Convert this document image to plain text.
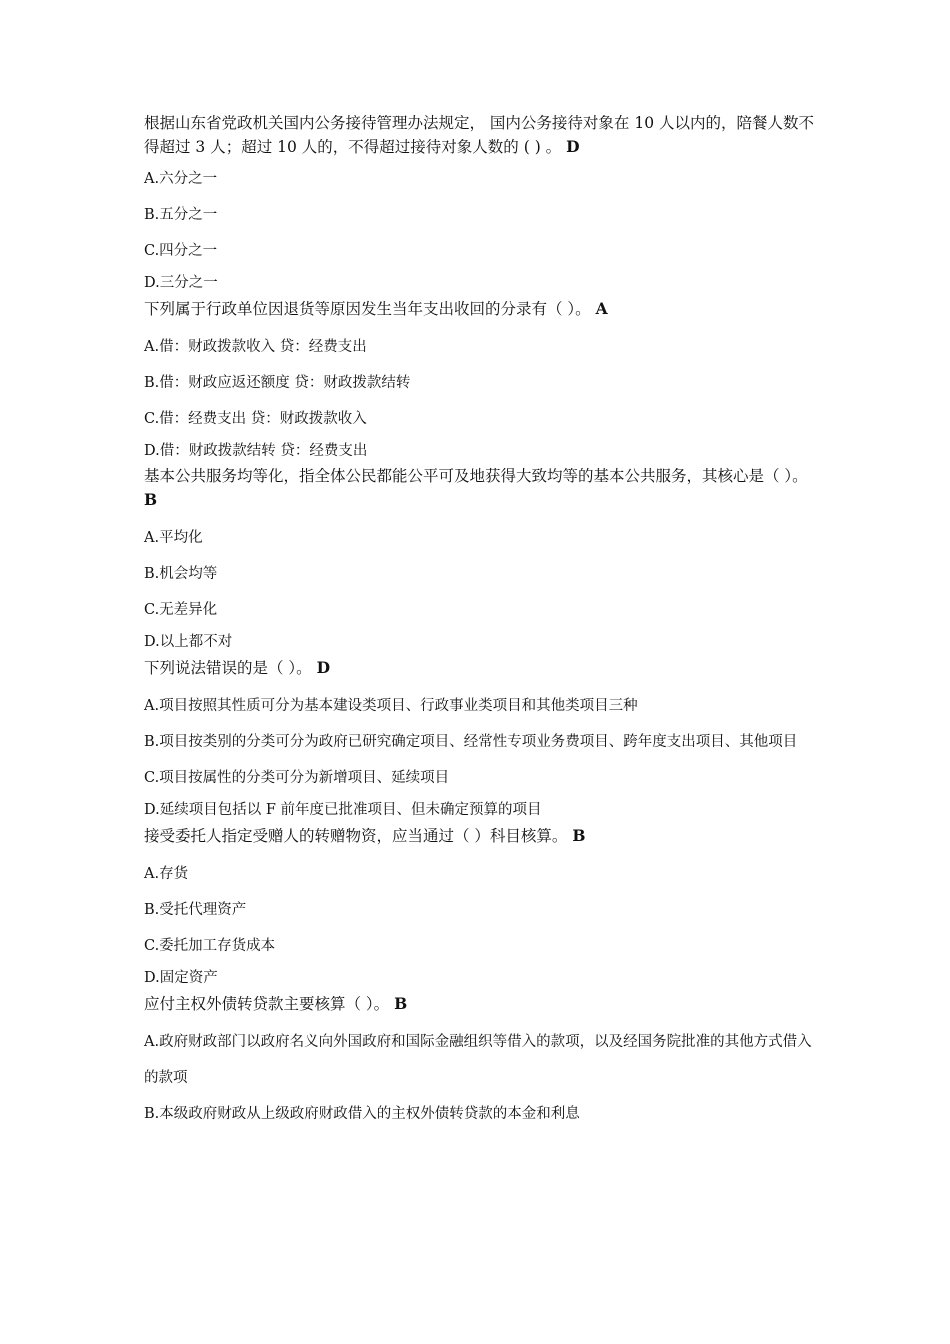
根据山东省党政机关国内公务接待管理办法规定， 国内公务接待对象在 10 人以内的，陪餐人数不得超过 3 人；超过 10 人的，不得超过接待对象人数的 ( ) 。 D

A.六分之一

B.五分之一

C.四分之一

D.三分之一

下列属于行政单位因退货等原因发生当年支出收回的分录有（ ）。 A

A.借：财政拨款收入 贷：经费支出

B.借：财政应返还额度 贷：财政拨款结转

C.借：经费支出 贷：财政拨款收入

D.借：财政拨款结转 贷：经费支出

基本公共服务均等化，指全体公民都能公平可及地获得大致均等的基本公共服务，其核心是（ ）。 B

A.平均化

B.机会均等

C.无差异化

D.以上都不对

下列说法错误的是（ ）。 D

A.项目按照其性质可分为基本建设类项目、行政事业类项目和其他类项目三种

B.项目按类别的分类可分为政府已研究确定项目、经常性专项业务费项目、跨年度支出项目、其他项目

C.项目按属性的分类可分为新增项目、延续项目

D.延续项目包括以 F 前年度已批准项目、但未确定预算的项目

接受委托人指定受赠人的转赠物资，应当通过（ ）科目核算。 B

A.存货

B.受托代理资产

C.委托加工存货成本

D.固定资产

应付主权外债转贷款主要核算（ ）。 B

A.政府财政部门以政府名义向外国政府和国际金融组织等借入的款项，以及经国务院批准的其他方式借入的款项

B.本级政府财政从上级政府财政借入的主权外债转贷款的本金和利息
